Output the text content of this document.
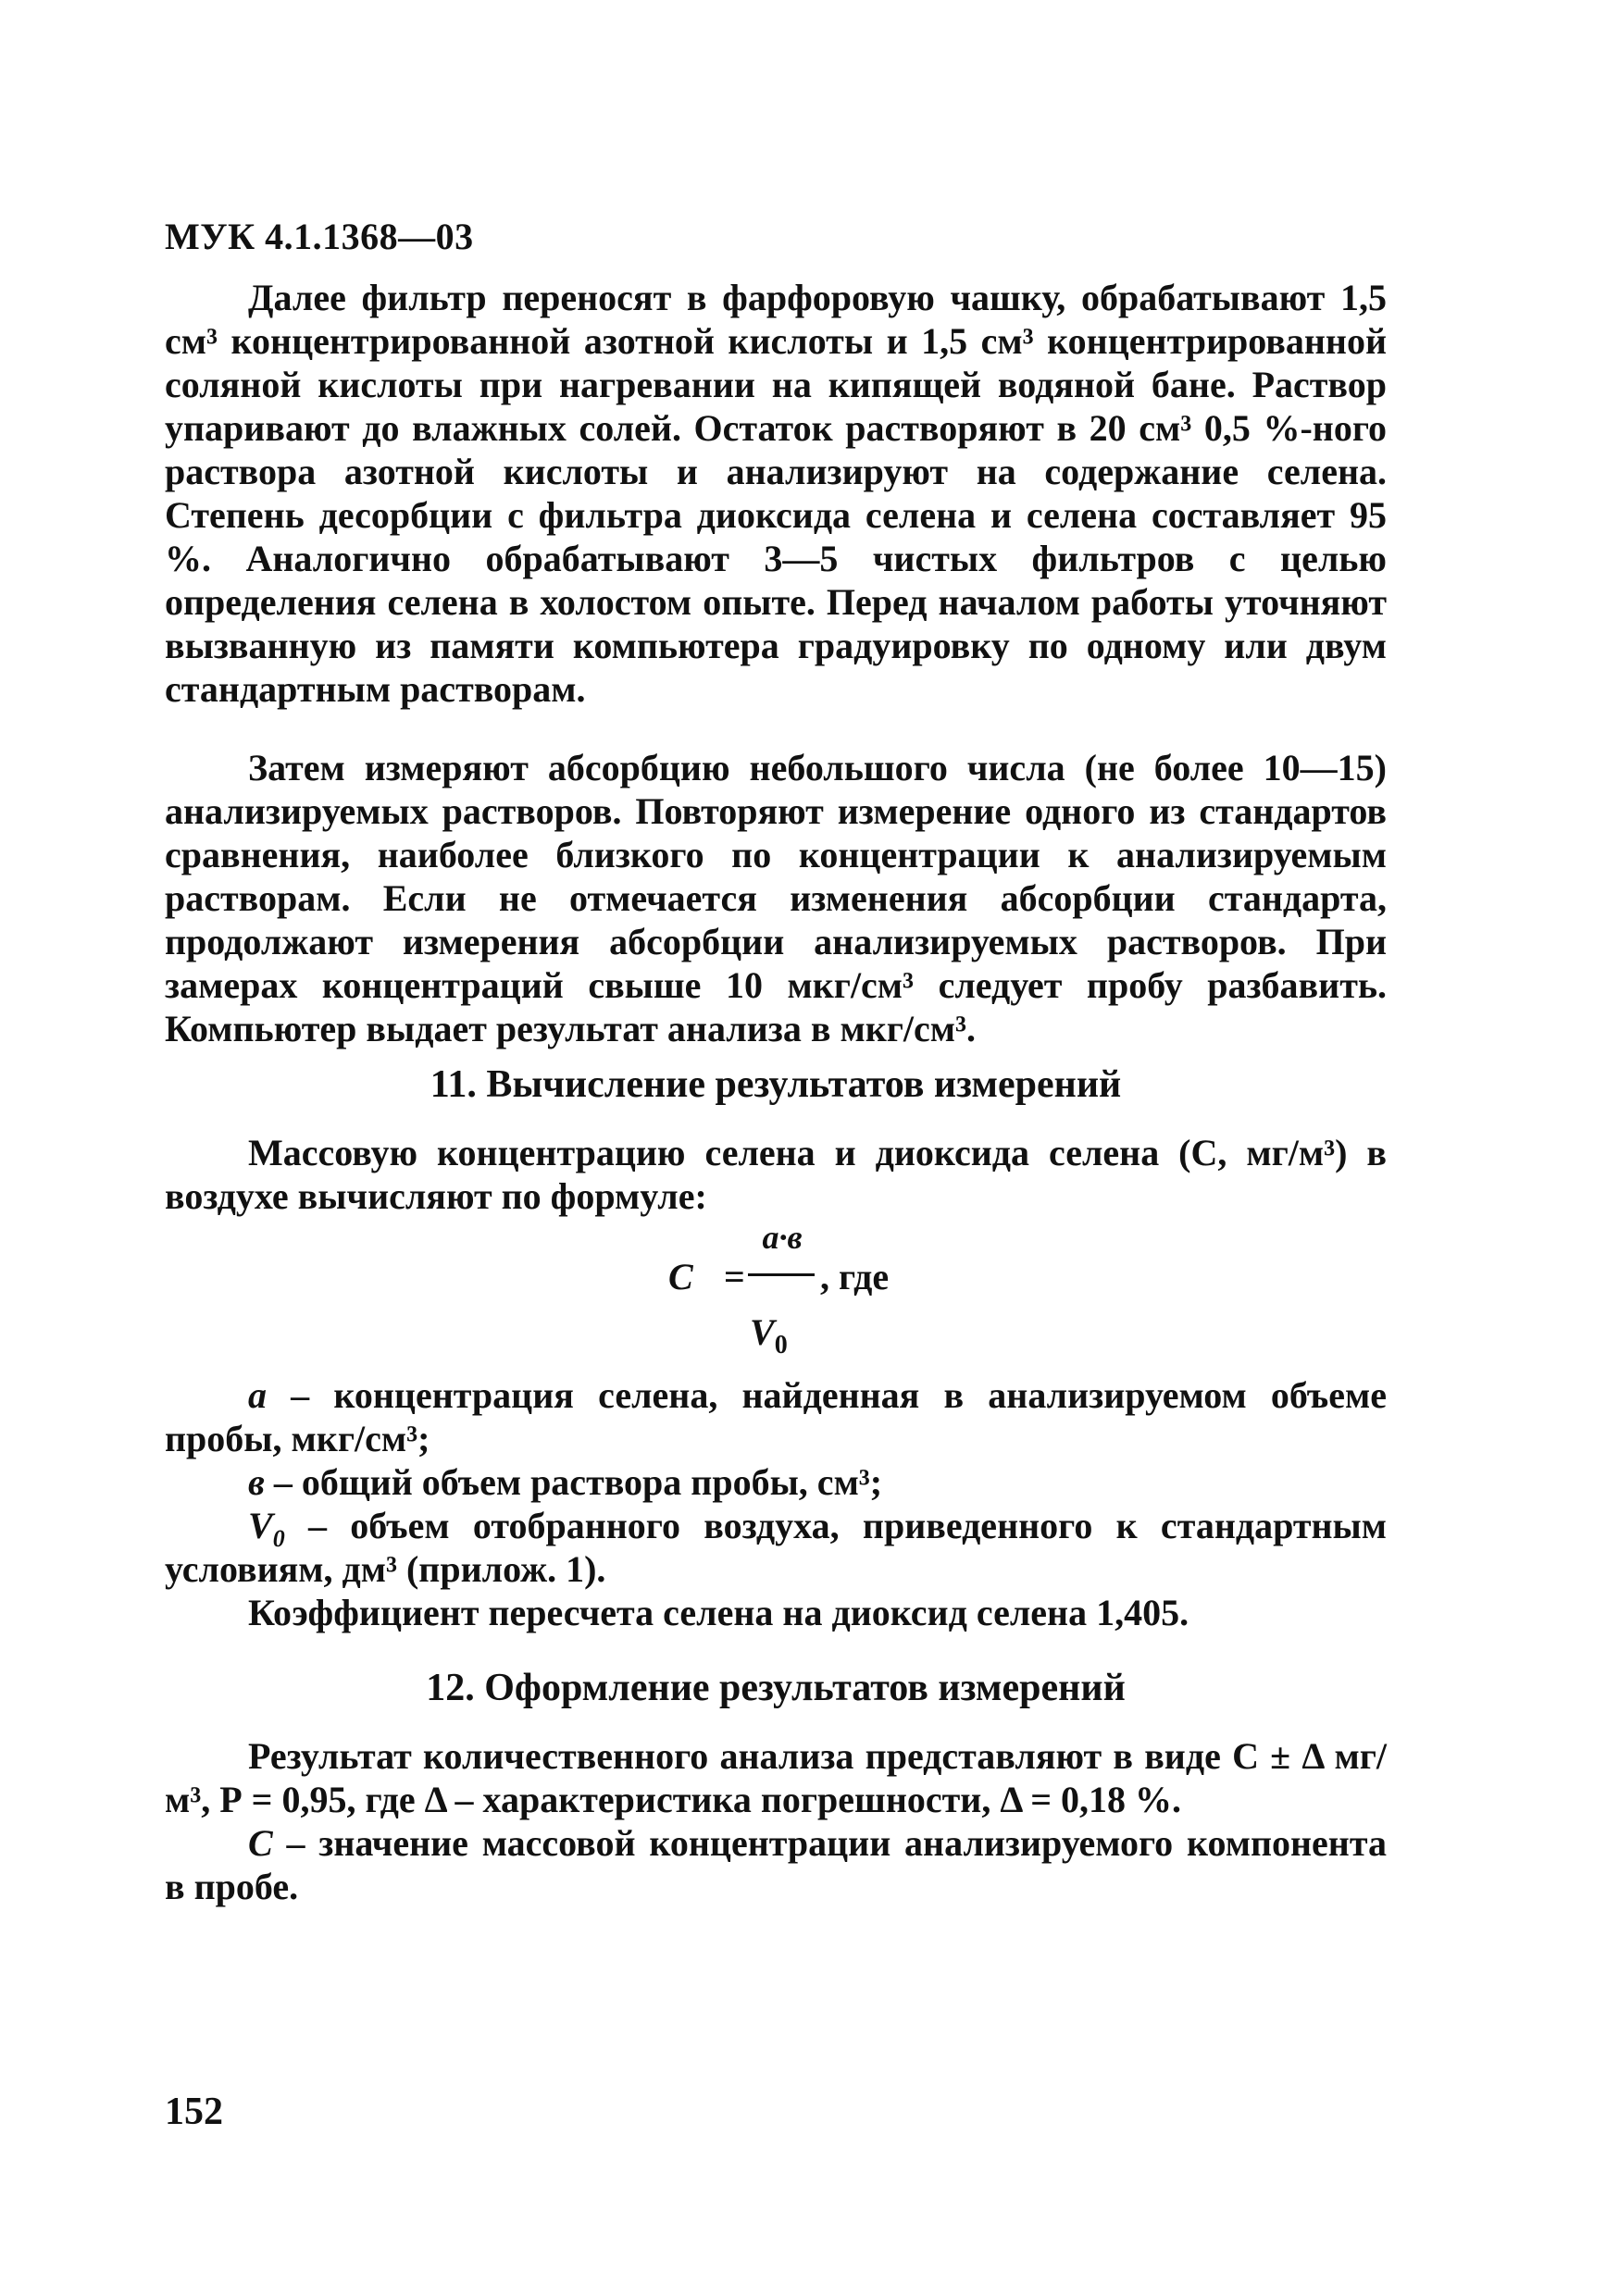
МУК 4.1.1368—03

Далее фильтр переносят в фарфоровую чашку, обрабатывают 1,5 см³ концентрированной азотной кислоты и 1,5 см³ концентрированной соляной кислоты при нагревании на кипящей водяной бане. Раствор упаривают до влажных солей. Остаток растворяют в 20 см³ 0,5 %-ного раствора азотной кислоты и анализируют на содержание селена. Степень десорбции с фильтра диоксида селена и селена составляет 95 %. Аналогично обрабатывают 3—5 чистых фильтров с целью определения селена в холостом опыте. Перед началом работы уточняют вызванную из памяти компьютера градуировку по одному или двум стандартным растворам.

Затем измеряют абсорбцию небольшого числа (не более 10—15) анализируемых растворов. Повторяют измерение одного из стандартов сравнения, наиболее близкого по концентрации к анализируемым растворам. Если не отмечается изменения абсорбции стандарта, продолжают измерения абсорбции анализируемых растворов. При замерах концентраций свыше 10 мкг/см³ следует пробу разбавить. Компьютер выдает результат анализа в мкг/см³.

11. Вычисление результатов измерений

Массовую концентрацию селена и диоксида селена (С, мг/м³) в воздухе вычисляют по формуле:

C =
a·в
$V_0$
, где

a – концентрация селена, найденная в анализируемом объеме пробы, мкг/см³;

в – общий объем раствора пробы, см³;

$V_0$ – объем отобранного воздуха, приведенного к стандартным условиям, дм³ (прилож. 1).

Коэффициент пересчета селена на диоксид селена 1,405.

12. Оформление результатов измерений

Результат количественного анализа представляют в виде С ± Δ мг/м³, Р = 0,95, где Δ – характеристика погрешности, Δ = 0,18 %.

С – значение массовой концентрации анализируемого компонента в пробе.

152
